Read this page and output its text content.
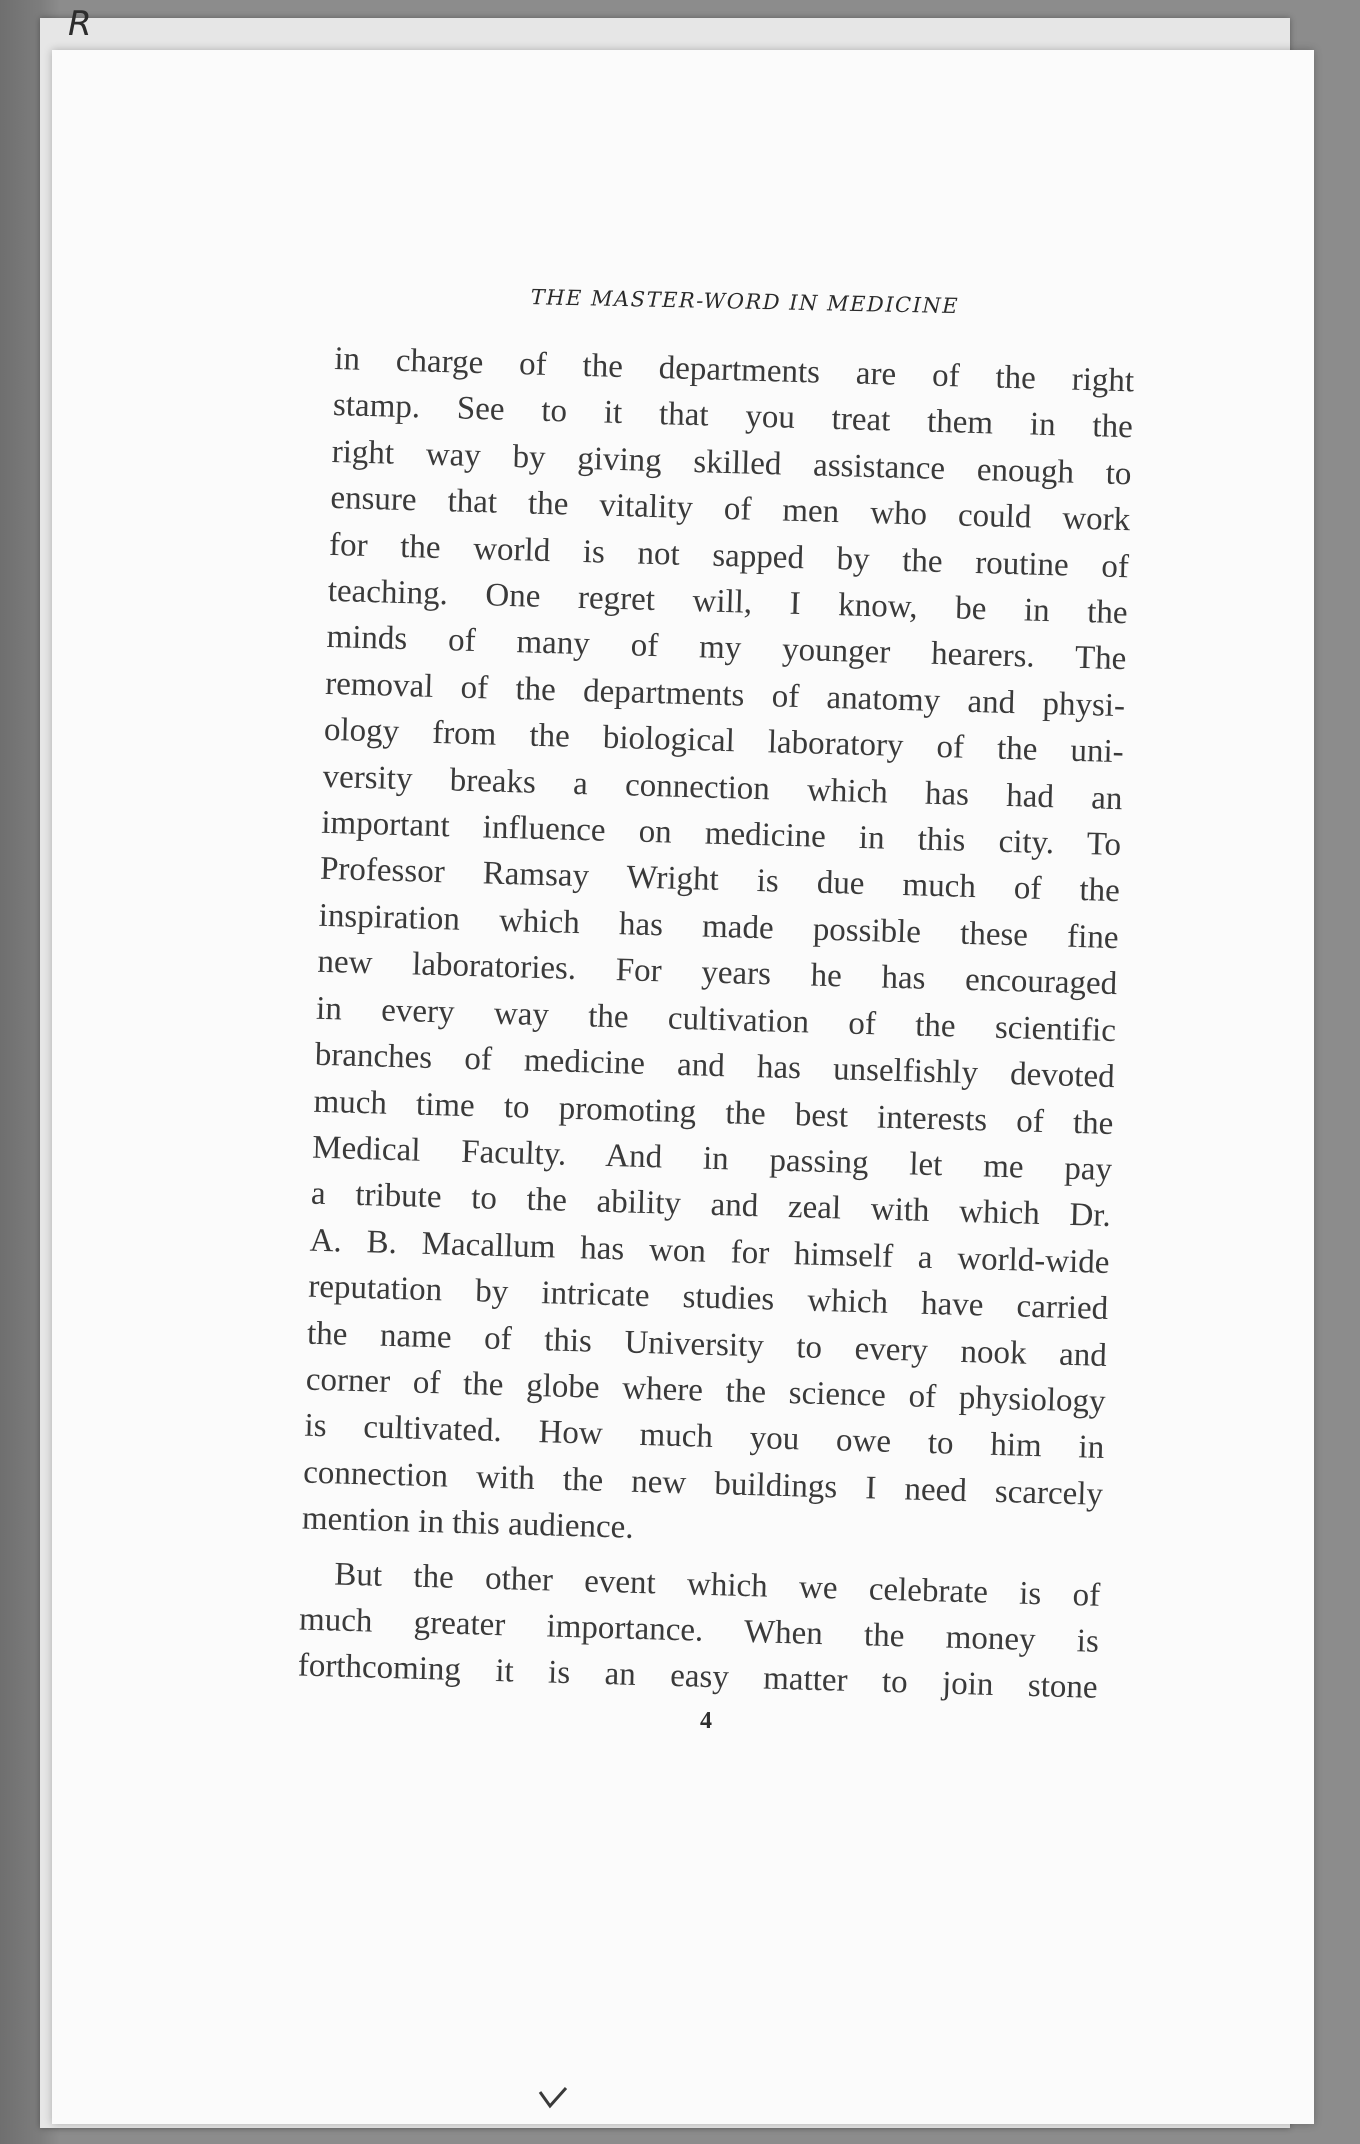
R
THE MASTER-WORD IN MEDICINE

in charge of the departments are of the right
stamp. See to it that you treat them in the
right way by giving skilled assistance enough to
ensure that the vitality of men who could work
for the world is not sapped by the routine of
teaching. One regret will, I know, be in the
minds of many of my younger hearers. The
removal of the departments of anatomy and physi-
ology from the biological laboratory of the uni-
versity breaks a connection which has had an
important influence on medicine in this city. To
Professor Ramsay Wright is due much of the
inspiration which has made possible these fine
new laboratories. For years he has encouraged
in every way the cultivation of the scientific
branches of medicine and has unselfishly devoted
much time to promoting the best interests of the
Medical Faculty. And in passing let me pay
a tribute to the ability and zeal with which Dr.
A. B. Macallum has won for himself a world-wide
reputation by intricate studies which have carried
the name of this University to every nook and
corner of the globe where the science of physiology
is cultivated. How much you owe to him in
connection with the new buildings I need scarcely
mention in this audience.

But the other event which we celebrate is of
much greater importance. When the money is
forthcoming it is an easy matter to join stone

4
